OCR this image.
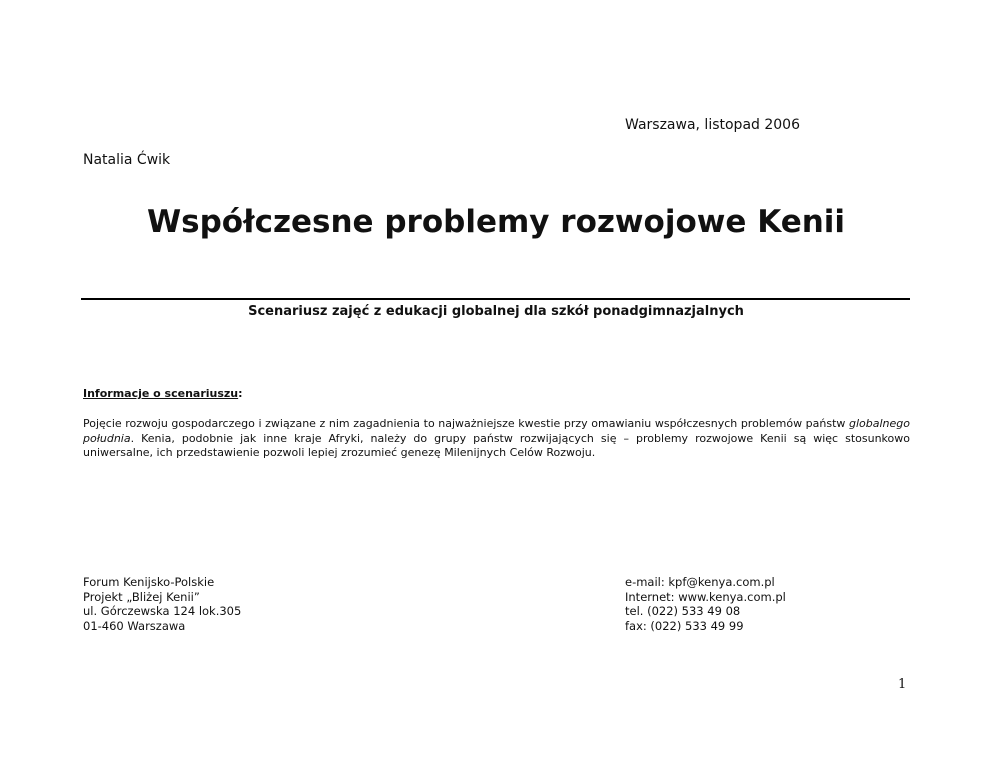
Warszawa, listopad 2006
Natalia Ćwik
Współczesne problemy rozwojowe Kenii
Scenariusz zajęć z edukacji globalnej dla szkół ponadgimnazjalnych
Informacje o scenariuszu:

Pojęcie rozwoju gospodarczego i związane z nim zagadnienia to najważniejsze kwestie przy omawianiu współczesnych problemów państw globalnego południa. Kenia, podobnie jak inne kraje Afryki, należy do grupy państw rozwijających się – problemy rozwojowe Kenii są więc stosunkowo uniwersalne, ich przedstawienie pozwoli lepiej zrozumieć genezę Milenijnych Celów Rozwoju.

Forum Kenijsko-Polskie
Projekt „Bliżej Kenii”
ul. Górczewska 124 lok.305
01-460 Warszawa
e-mail: kpf@kenya.com.pl
Internet: www.kenya.com.pl
tel. (022) 533 49 08
fax: (022) 533 49 99
1
